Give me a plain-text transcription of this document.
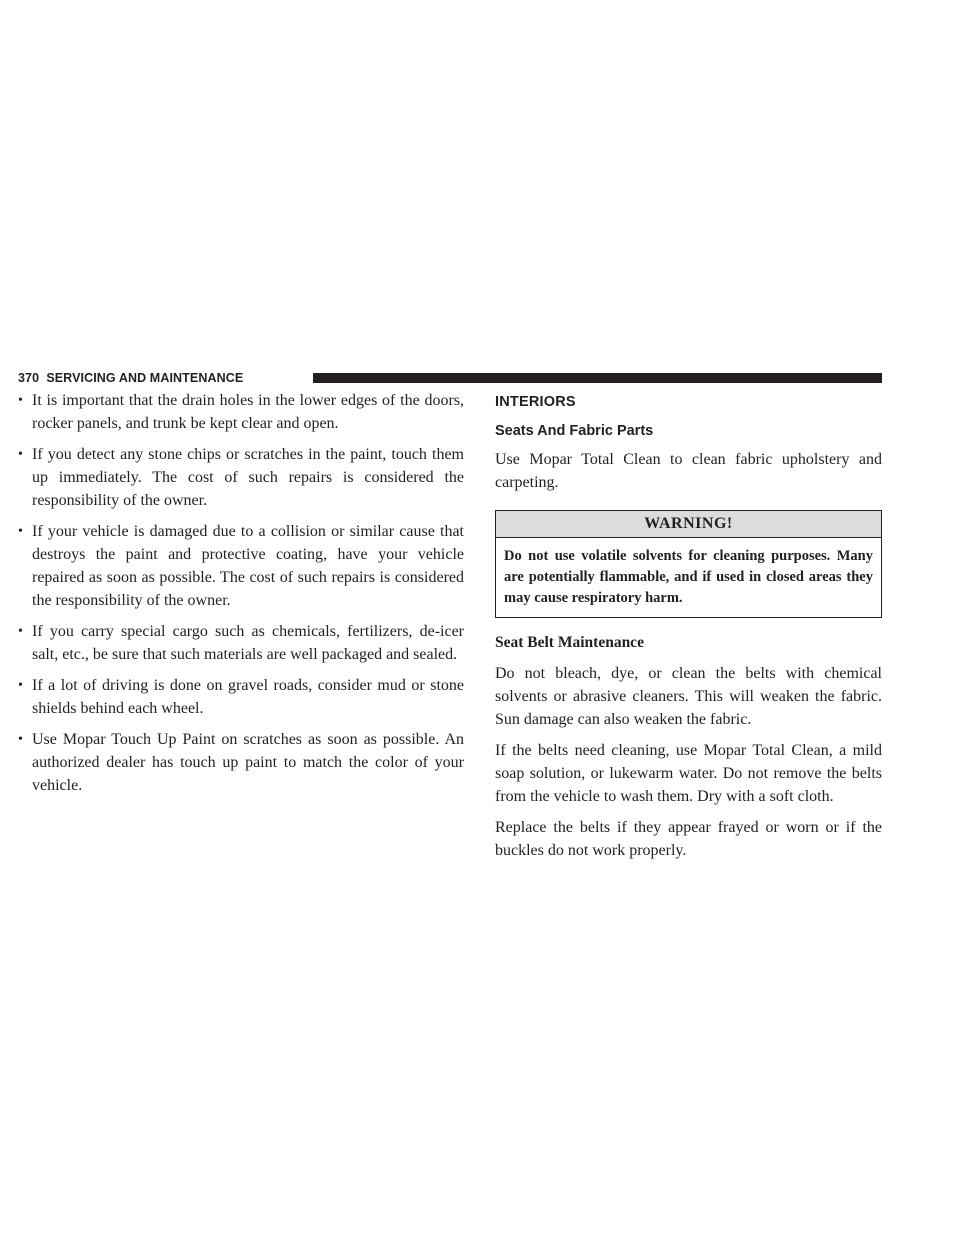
370 SERVICING AND MAINTENANCE
• It is important that the drain holes in the lower edges of the doors, rocker panels, and trunk be kept clear and open.
• If you detect any stone chips or scratches in the paint, touch them up immediately. The cost of such repairs is considered the responsibility of the owner.
• If your vehicle is damaged due to a collision or similar cause that destroys the paint and protective coating, have your vehicle repaired as soon as possible. The cost of such repairs is considered the responsibility of the owner.
• If you carry special cargo such as chemicals, fertilizers, de-icer salt, etc., be sure that such materials are well packaged and sealed.
• If a lot of driving is done on gravel roads, consider mud or stone shields behind each wheel.
• Use Mopar Touch Up Paint on scratches as soon as possible. An authorized dealer has touch up paint to match the color of your vehicle.
INTERIORS
Seats And Fabric Parts

Use Mopar Total Clean to clean fabric upholstery and carpeting.

WARNING!
Do not use volatile solvents for cleaning purposes. Many are potentially flammable, and if used in closed areas they may cause respiratory harm.
Seat Belt Maintenance

Do not bleach, dye, or clean the belts with chemical solvents or abrasive cleaners. This will weaken the fabric. Sun damage can also weaken the fabric.

If the belts need cleaning, use Mopar Total Clean, a mild soap solution, or lukewarm water. Do not remove the belts from the vehicle to wash them. Dry with a soft cloth.

Replace the belts if they appear frayed or worn or if the buckles do not work properly.
